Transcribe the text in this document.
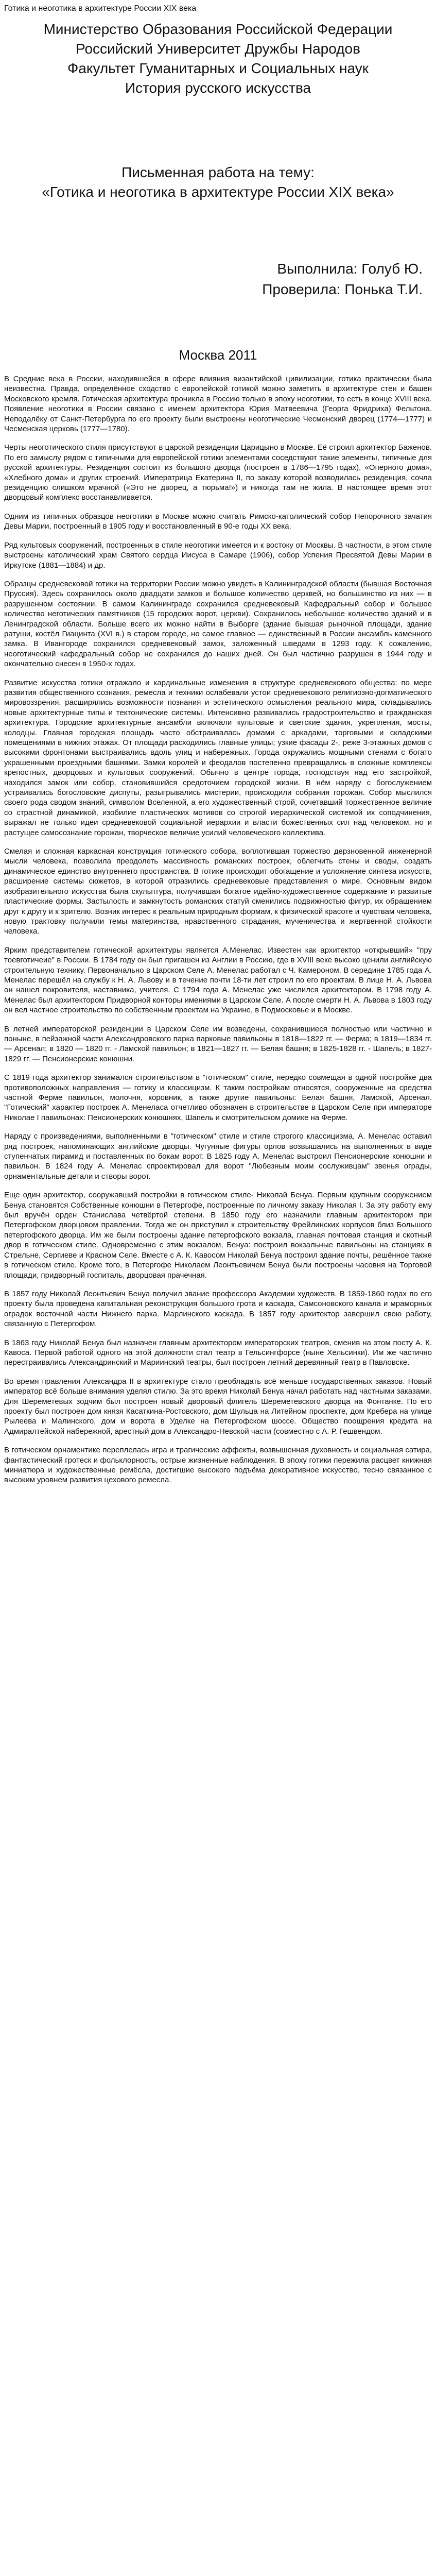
Готика и неоготика в архитектуре России XIX века
Министерство Образования Российской Федерации
Российский Университет Дружбы Народов
Факультет Гуманитарных и Социальных наук
История русского искусства
Письменная работа на тему:
«Готика и неоготика в архитектуре России XIX века»
Выполнила: Голуб Ю.
Проверила: Понька Т.И.
Москва 2011

В Средние века в России, находившейся в сфере влияния византийской цивилизации, готика практически была неизвестна. Правда, определённое сходство с европейской готикой можно заметить в архитектуре стен и башен Московского кремля. Готическая архитектура проникла в Россию только в эпоху неоготики, то есть в конце XVIII века. Появление неоготики в России связано с именем архитектора Юрия Матвеевича (Георга Фридриха) Фельтона. Неподалёку от Санкт-Петербурга по его проекту были выстроены неоготические Чесменский дворец (1774—1777) и Чесменская церковь (1777—1780).

Черты неоготического стиля присутствуют в царской резиденции Царицыно в Москве. Её строил архитектор Баженов. По его замыслу рядом с типичными для европейской готики элементами соседствуют такие элементы, типичные для русской архитектуры. Резиденция состоит из большого дворца (построен в 1786—1795 годах), «Оперного дома», «Хлебного дома» и других строений. Императрица Екатерина II, по заказу которой возводилась резиденция, сочла резиденцию слишком мрачной («Это не дворец, а тюрьма!») и никогда там не жила. В настоящее время этот дворцовый комплекс восстанавливается.

Одним из типичных образцов неоготики в Москве можно считать Римско-католический собор Непорочного зачатия Девы Марии, построенный в 1905 году и восстановленный в 90-е годы XX века.

Ряд культовых сооружений, построенных в стиле неоготики имеется и к востоку от Москвы. В частности, в этом стиле выстроены католический храм Святого сердца Иисуса в Самаре (1906), собор Успения Пресвятой Девы Марии в Иркутске (1881—1884) и др.

Образцы средневековой готики на территории России можно увидеть в Калининградской области (бывшая Восточная Пруссия). Здесь сохранилось около двадцати замков и большое количество церквей, но большинство из них — в разрушенном состоянии. В самом Калининграде сохранился средневековый Кафедральный собор и большое количество неготических памятников (15 городских ворот, церкви). Сохранилось небольшое количество зданий и в Ленинградской области. Больше всего их можно найти в Выборге (здание бывшая рыночной площади, здание ратуши, костёл Гиацинта (XVI в.) в старом городе, но самое главное — единственный в России ансамбль каменного замка. В Ивангороде сохранился средневековый замок, заложенный шведами в 1293 году. К сожалению, неоготический кафедральный собор не сохранился до наших дней. Он был частично разрушен в 1944 году и окончательно снесен в 1950-х годах.

Развитие искусства готики отражало и кардинальные изменения в структуре средневекового общества: по мере развития общественного сознания, ремесла и техники ослабевали устои средневекового религиозно-догматического мировоззрения, расширялись возможности познания и эстетического осмысления реального мира, складывались новые архитектурные типы и тектонические системы. Интенсивно развивались градостроительство и гражданская архитектура. Городские архитектурные ансамбли включали культовые и светские здания, укрепления, мосты, колодцы. Главная городская площадь часто обстраивалась домами с аркадами, торговыми и складскими помещениями в нижних этажах. От площади расходились главные улицы; узкие фасады 2-, реже 3-этажных домов с высокими фронтонами выстраивались вдоль улиц и набережных. Города окружались мощными стенами с богато украшенными проездными башнями. Замки королей и феодалов постепенно превращались в сложные комплексы крепостных, дворцовых и культовых сооружений. Обычно в центре города, господствуя над его застройкой, находился замок или собор, становившийся средоточием городской жизни. В нём наряду с богослужением устраивались богословские диспуты, разыгрывались мистерии, происходили собрания горожан. Собор мыслился своего рода сводом знаний, символом Вселенной, а его художественный строй, сочетавший торжественное величие со страстной динамикой, изобилие пластических мотивов со строгой иерархической системой их соподчинения, выражал не только идеи средневековой социальной иерархии и власти божественных сил над человеком, но и растущее самосознание горожан, творческое величие усилий человеческого коллектива.

Смелая и сложная каркасная конструкция готического собора, воплотившая торжество дерзновенной инженерной мысли человека, позволила преодолеть массивность романских построек, облегчить стены и своды, создать динамическое единство внутреннего пространства. В готике происходит обогащение и усложнение синтеза искусств, расширение системы сюжетов, в которой отразились средневековые представления о мире. Основным видом изобразительного искусства была скульптура, получившая богатое идейно-художественное содержание и развитые пластические формы. Застылость и замкнутость романских статуй сменились подвижностью фигур, их обращением друг к другу и к зрителю. Возник интерес к реальным природным формам, к физической красоте и чувствам человека, новую трактовку получили темы материнства, нравственного страдания, мученичества и жертвенной стойкости человека.

Ярким представителем готической архитектуры является А.Менелас. Известен как архитектор «открывший» "пру тоевготичеие" в России. В 1784 году он был пригашен из Англии в Россию, где в XVIII веке высоко ценили английскую строительную технику. Первоначально в Царском Селе А. Менелас работал с Ч. Камероном. В середине 1785 года А. Менелас перешёл на службу к Н. А. Львову и в течение почти 18-ти лет строил по его проектам. В лице Н. А. Львова он нашел покровителя, наставника, учителя. С 1794 года А. Менелас уже числился архитектором. В 1798 году А. Менелас был архитектором Придворной конторы имениями в Царском Селе. А после смерти Н. А. Львова в 1803 году он вел частное строительство по собственным проектам на Украине, в Подмосковье и в Москве.

В летней императорской резиденции в Царском Селе им возведены, сохранившиеся полностью или частично и поныне, в пейзажной части Александровского парка парковые павильоны в 1818—1822 гг. — Ферма; в 1819—1834 гг. — Арсенал; в 1820 — 1820 гг. - Ламской павильон; в 1821—1827 гг. — Белая башня; в 1825-1828 гг. - Шапель; в 1827-1829 гг. — Пенсионерские конюшни.

С 1819 года архитектор занимался строительством в "готическом" стиле, нередко совмещая в одной постройке два противоположных направления — готику и классицизм. К таким постройкам относятся, сооруженные на средства частной Ферме павильон, молочня, коровник, а также другие павильоны: Белая башня, Ламской, Арсенал. "Готический" характер построек А. Менеласа отчетливо обозначен в строительстве в Царском Селе при императоре Николае I павильонах: Пенсионерских конюшнях, Шапель и смотрительском домике на Ферме.

Наряду с произведениями, выполненными в "готическом" стиле и стиле строгого классицизма, А. Менелас оставил ряд построек, напоминающих английские дворцы. Чугунные фигуры орлов возвышались на выполненных в виде ступенчатых пирамид и поставленных по бокам ворот. В 1825 году А. Менелас выстроил Пенсионерские конюшни и павильон. В 1824 году А. Менелас спроектировал для ворот "Любезным моим сослуживцам" звенья ограды, орнаментальные детали и створы ворот.

Еще один архитектор, сооружавший постройки в готическом стиле- Николай Бенуа. Первым крупным сооружением Бенуа становятся Собственные конюшни в Петергофе, построенные по личному заказу Николая I. За эту работу ему был вручён орден Станислава четвёртой степени. В 1850 году его назначили главным архитектором при Петергофском дворцовом правлении. Тогда же он приступил к строительству Фрейлинских корпусов близ Большого петергофского дворца. Им же были построены здание петергофского вокзала, главная почтовая станция и скотный двор в готическом стиле. Одновременно с этим вокзалом, Бенуа: построил вокзальные павильоны на станциях в Стрельне, Сергиеве и Красном Селе. Вместе с А. К. Кавосом Николай Бенуа построил здание почты, решённое также в готическом стиле. Кроме того, в Петергофе Николаем Леонтьевичем Бенуа были построены часовня на Торговой площади, придворный госпиталь, дворцовая прачечная.

В 1857 году Николай Леонтьевич Бенуа получил звание профессора Академии художеств. В 1859-1860 годах по его проекту была проведена капитальная реконструкция большого грота и каскада, Самсоновского канала и мраморных оградок восточной части Нижнего парка. Марлинского каскада. В 1857 году архитектор завершил свою работу, связанную с Петергофом.

В 1863 году Николай Бенуа был назначен главным архитектором императорских театров, сменив на этом посту А. К. Кавоса. Первой работой одного на этой должности стал театр в Гельсингфорсе (ныне Хельсинки). Им же частично перестраивались Александринский и Мариинский театры, был построен летний деревянный театр в Павловске.

Во время правления Александра II в архитектуре стало преобладать всё меньше государственных заказов. Новый император всё больше внимания уделял стилю. За это время Николай Бенуа начал работать над частными заказами. Для Шереметевых зодчим был построен новый дворовый флигель Шереметевского дворца на Фонтанке. По его проекту был построен дом князя Касаткина-Ростовского, дом Шульца на Литейном проспекте, дом Кребера на улице Рылеева и Малинского, дом и ворота в Уделке на Петергофском шоссе. Общество поощрения кредита на Адмиралтейской набережной, арестный дом в Александро-Невской части (совместно с А. Р. Гешвендом.

В готическом орнаментике переплелась игра и трагические аффекты, возвышенная духовность и социальная сатира, фантастический гротеск и фольклорность, острые жизненные наблюдения. В эпоху готики пережила расцвет книжная миниатюра и художественные ремёсла, достигшие высокого подъёма декоративное искусство, тесно связанное с высоким уровнем развития цехового ремесла.
